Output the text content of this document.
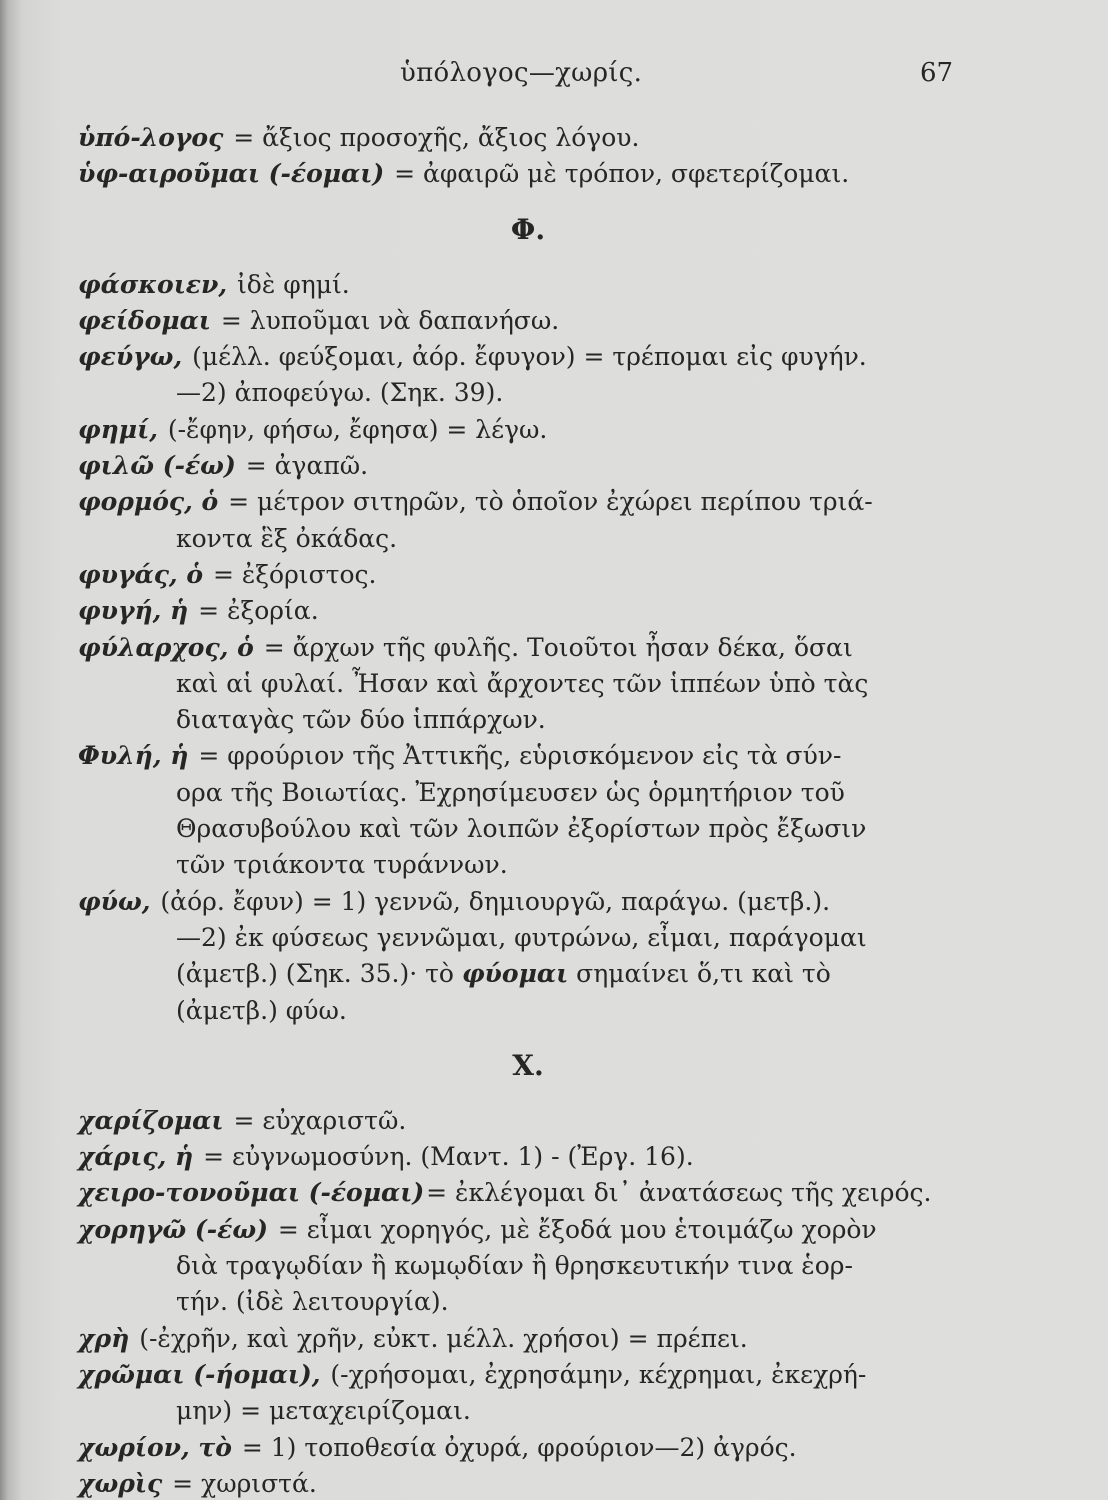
ὑπόλογος—χωρίς.	67
ὑπό-λογος = ἄξιος προσοχῆς, ἄξιος λόγου.
ὑφ-αιροῦμαι (-έομαι) = ἀφαιρῶ μὲ τρόπον, σφετερίζομαι.
Φ.
φάσκοιεν, ἰδὲ φημί.
φείδομαι = λυποῦμαι νὰ δαπανήσω.
φεύγω, (μέλλ. φεύξομαι, ἀόρ. ἔφυγον) = τρέπομαι εἰς φυγήν.
—2) ἀποφεύγω. (Σηκ. 39).
φημί, (-ἔφην, φήσω, ἔφησα) = λέγω.
φιλῶ (-έω) = ἀγαπῶ.
φορμός, ὁ = μέτρον σιτηρῶν, τὸ ὁποῖον ἐχώρει περίπου τριά-
κοντα ἓξ ὀκάδας.
φυγάς, ὁ = ἐξόριστος.
φυγή, ἡ = ἐξορία.
φύλαρχος, ὁ = ἄρχων τῆς φυλῆς. Τοιοῦτοι ἦσαν δέκα, ὅσαι
καὶ αἱ φυλαί. Ἦσαν καὶ ἄρχοντες τῶν ἱππέων ὑπὸ τὰς
διαταγὰς τῶν δύο ἱππάρχων.
Φυλή, ἡ = φρούριον τῆς Ἀττικῆς, εὑρισκόμενον εἰς τὰ σύν-
ορα τῆς Βοιωτίας. Ἐχρησίμευσεν ὡς ὁρμητήριον τοῦ
Θρασυβούλου καὶ τῶν λοιπῶν ἐξορίστων πρὸς ἔξωσιν
τῶν τριάκοντα τυράννων.
φύω, (ἀόρ. ἔφυν) = 1) γεννῶ, δημιουργῶ, παράγω. (μετβ.).
—2) ἐκ φύσεως γεννῶμαι, φυτρώνω, εἶμαι, παράγομαι
(ἀμετβ.) (Σηκ. 35.)· τὸ φύομαι σημαίνει ὅ,τι καὶ τὸ
(ἀμετβ.) φύω.
Χ.
χαρίζομαι = εὐχαριστῶ.
χάρις, ἡ = εὐγνωμοσύνη. (Μαντ. 1) - (Ἐργ. 16).
χειρο-τονοῦμαι (-έομαι)= ἐκλέγομαι δι᾽ ἀνατάσεως τῆς χειρός.
χορηγῶ (-έω) = εἶμαι χορηγός, μὲ ἔξοδά μου ἑτοιμάζω χορὸν
διὰ τραγῳδίαν ἢ κωμῳδίαν ἢ θρησκευτικήν τινα ἑορ-
τήν. (ἰδὲ λειτουργία).
χρὴ (-ἐχρῆν, καὶ χρῆν, εὐκτ. μέλλ. χρήσοι) = πρέπει.
χρῶμαι (-ήομαι), (-χρήσομαι, ἐχρησάμην, κέχρημαι, ἐκεχρή-
μην) = μεταχειρίζομαι.
χωρίον, τὸ = 1) τοποθεσία ὀχυρά, φρούριον—2) ἀγρός.
χωρὶς = χωριστά.
